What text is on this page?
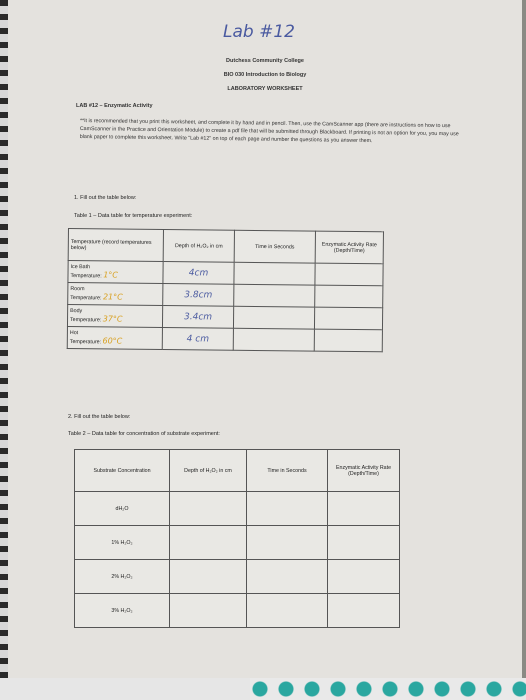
Lab #12
Dutchess Community College
BIO 030 Introduction to Biology
LABORATORY WORKSHEET
LAB #12 – Enzymatic Activity
**It is recommended that you print this worksheet, and complete it by hand and in pencil. Then, use the CamScanner app (there are instructions on how to use CamScanner in the Practice and Orientation Module) to create a pdf file that will be submitted through Blackboard. If printing is not an option for you, you may use blank paper to complete this worksheet. Write "Lab #12" on top of each page and number the questions as you answer them.
1. Fill out the table below:
Table 1 – Data table for temperature experiment:
Temperature (record temperatures below)	Depth of H₂O₂ in cm	Time in Seconds	Enzymatic Activity Rate (Depth/Time)

Ice Bath
Temperature: 1°C	4cm		

Room
Temperature: 21°C	3.8cm		

Body
Temperature: 37°C	3.4cm		

Hot
Temperature: 60°C	4 cm		
2. Fill out the table below:
Table 2 – Data table for concentration of substrate experiment:
Substrate Concentration	Depth of H₂O₂ in cm	Time in Seconds	Enzymatic Activity Rate (Depth/Time)
dH₂O			
1% H₂O₂			
2% H₂O₂			
3% H₂O₂			
